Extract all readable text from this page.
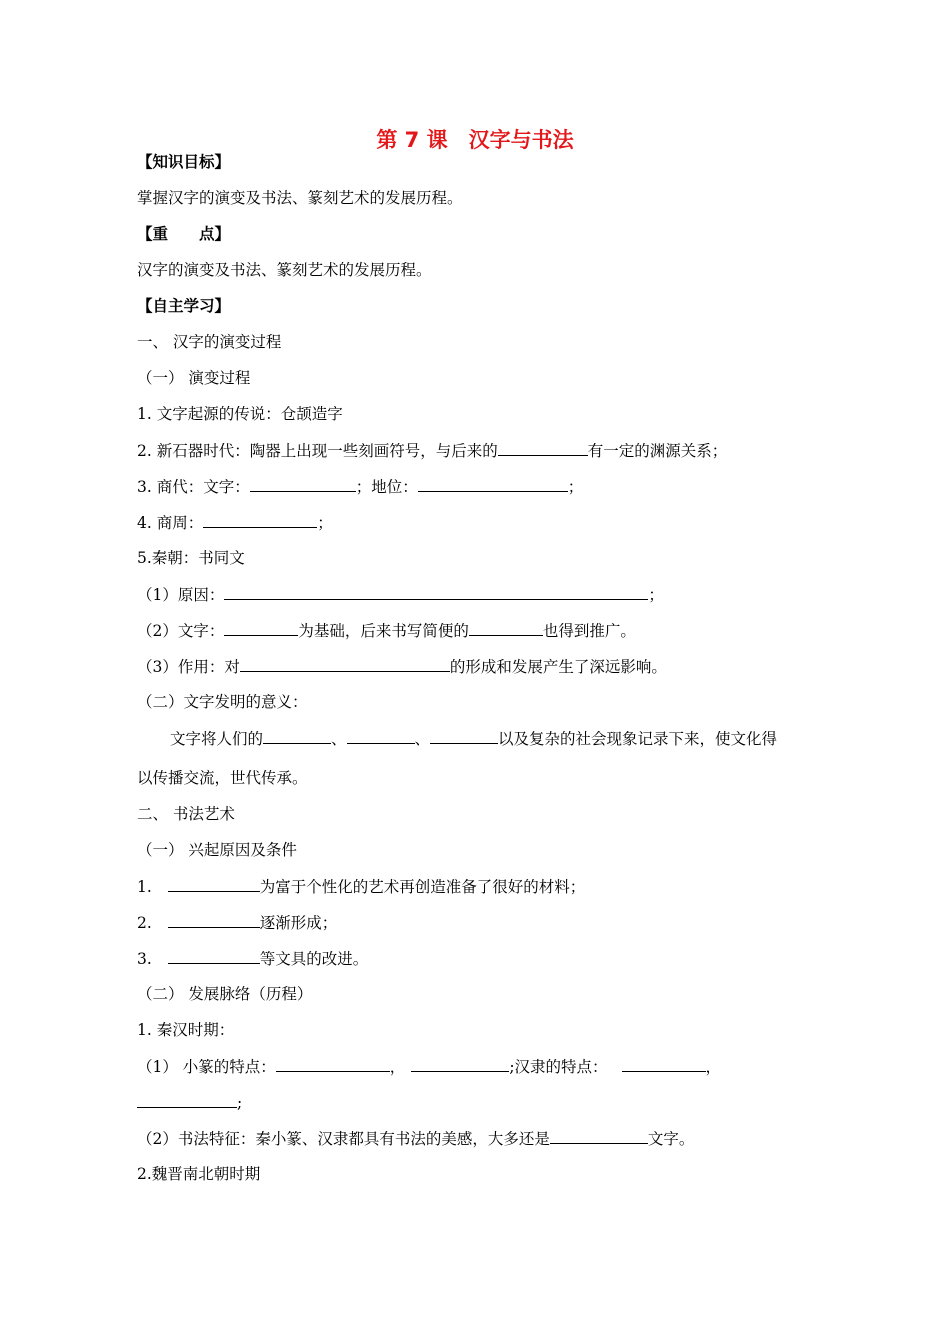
第 7 课　汉字与书法
【知识目标】
掌握汉字的演变及书法、篆刻艺术的发展历程。
【重　　点】
汉字的演变及书法、篆刻艺术的发展历程。
【自主学习】
一、 汉字的演变过程
（一） 演变过程
1. 文字起源的传说：仓颉造字
2. 新石器时代：陶器上出现一些刻画符号，与后来的	有一定的渊源关系；
3. 商代：文字：	；地位：	；
4. 商周：	；
5.秦朝：书同文
（1）原因：	；
（2）文字：	为基础，后来书写简便的	也得到推广。
（3）作用：对	的形成和发展产生了深远影响。
（二）文字发明的意义：
文字将人们的	、	、	以及复杂的社会现象记录下来，使文化得
以传播交流，世代传承。
二、 书法艺术
（一） 兴起原因及条件
1.	为富于个性化的艺术再创造准备了很好的材料；
2.	逐渐形成；
3.	等文具的改进。
（二） 发展脉络（历程）
1. 秦汉时期：
（1） 小篆的特点：	，	;汉隶的特点：	，
;
（2）书法特征：秦小篆、汉隶都具有书法的美感，大多还是	文字。
2.魏晋南北朝时期
